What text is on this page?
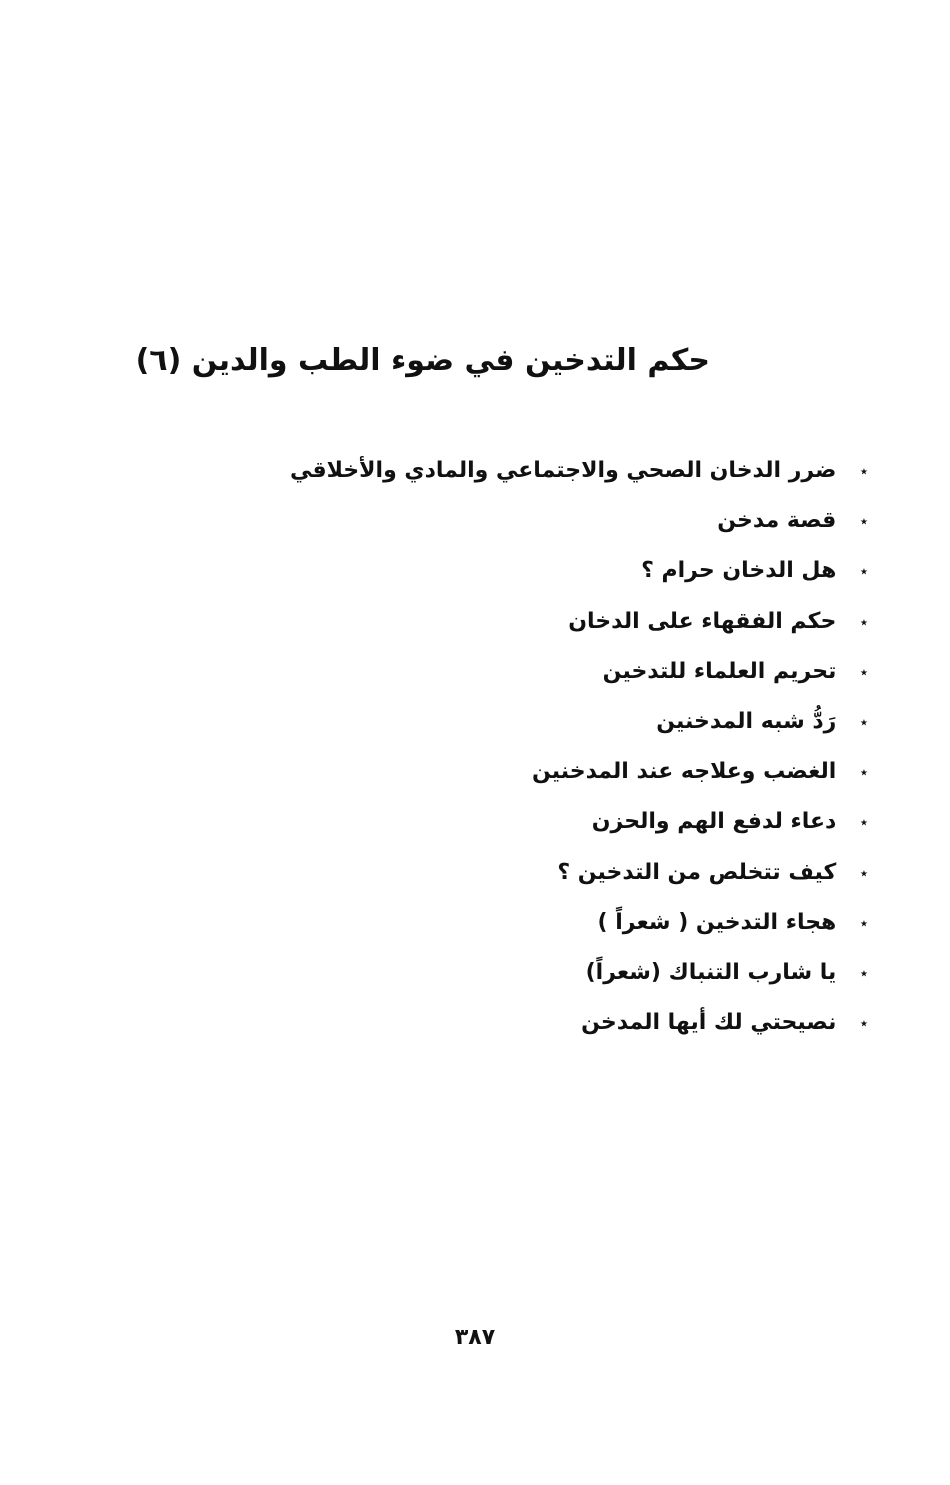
حكم التدخين في ضوء الطب والدين (٦)
٭ ضرر الدخان الصحي والاجتماعي والمادي والأخلاقي
٭ قصة مدخن
٭ هل الدخان حرام ؟
٭ حكم الفقهاء على الدخان
٭ تحريم العلماء للتدخين
٭ رَدُّ شبه المدخنين
٭ الغضب وعلاجه عند المدخنين
٭ دعاء لدفع الهم والحزن
٭ كيف تتخلص من التدخين ؟
٭ هجاء التدخين ( شعراً )
٭ يا شارب التنباك (شعراً)
٭ نصيحتي لك أيها المدخن
٣٨٧
